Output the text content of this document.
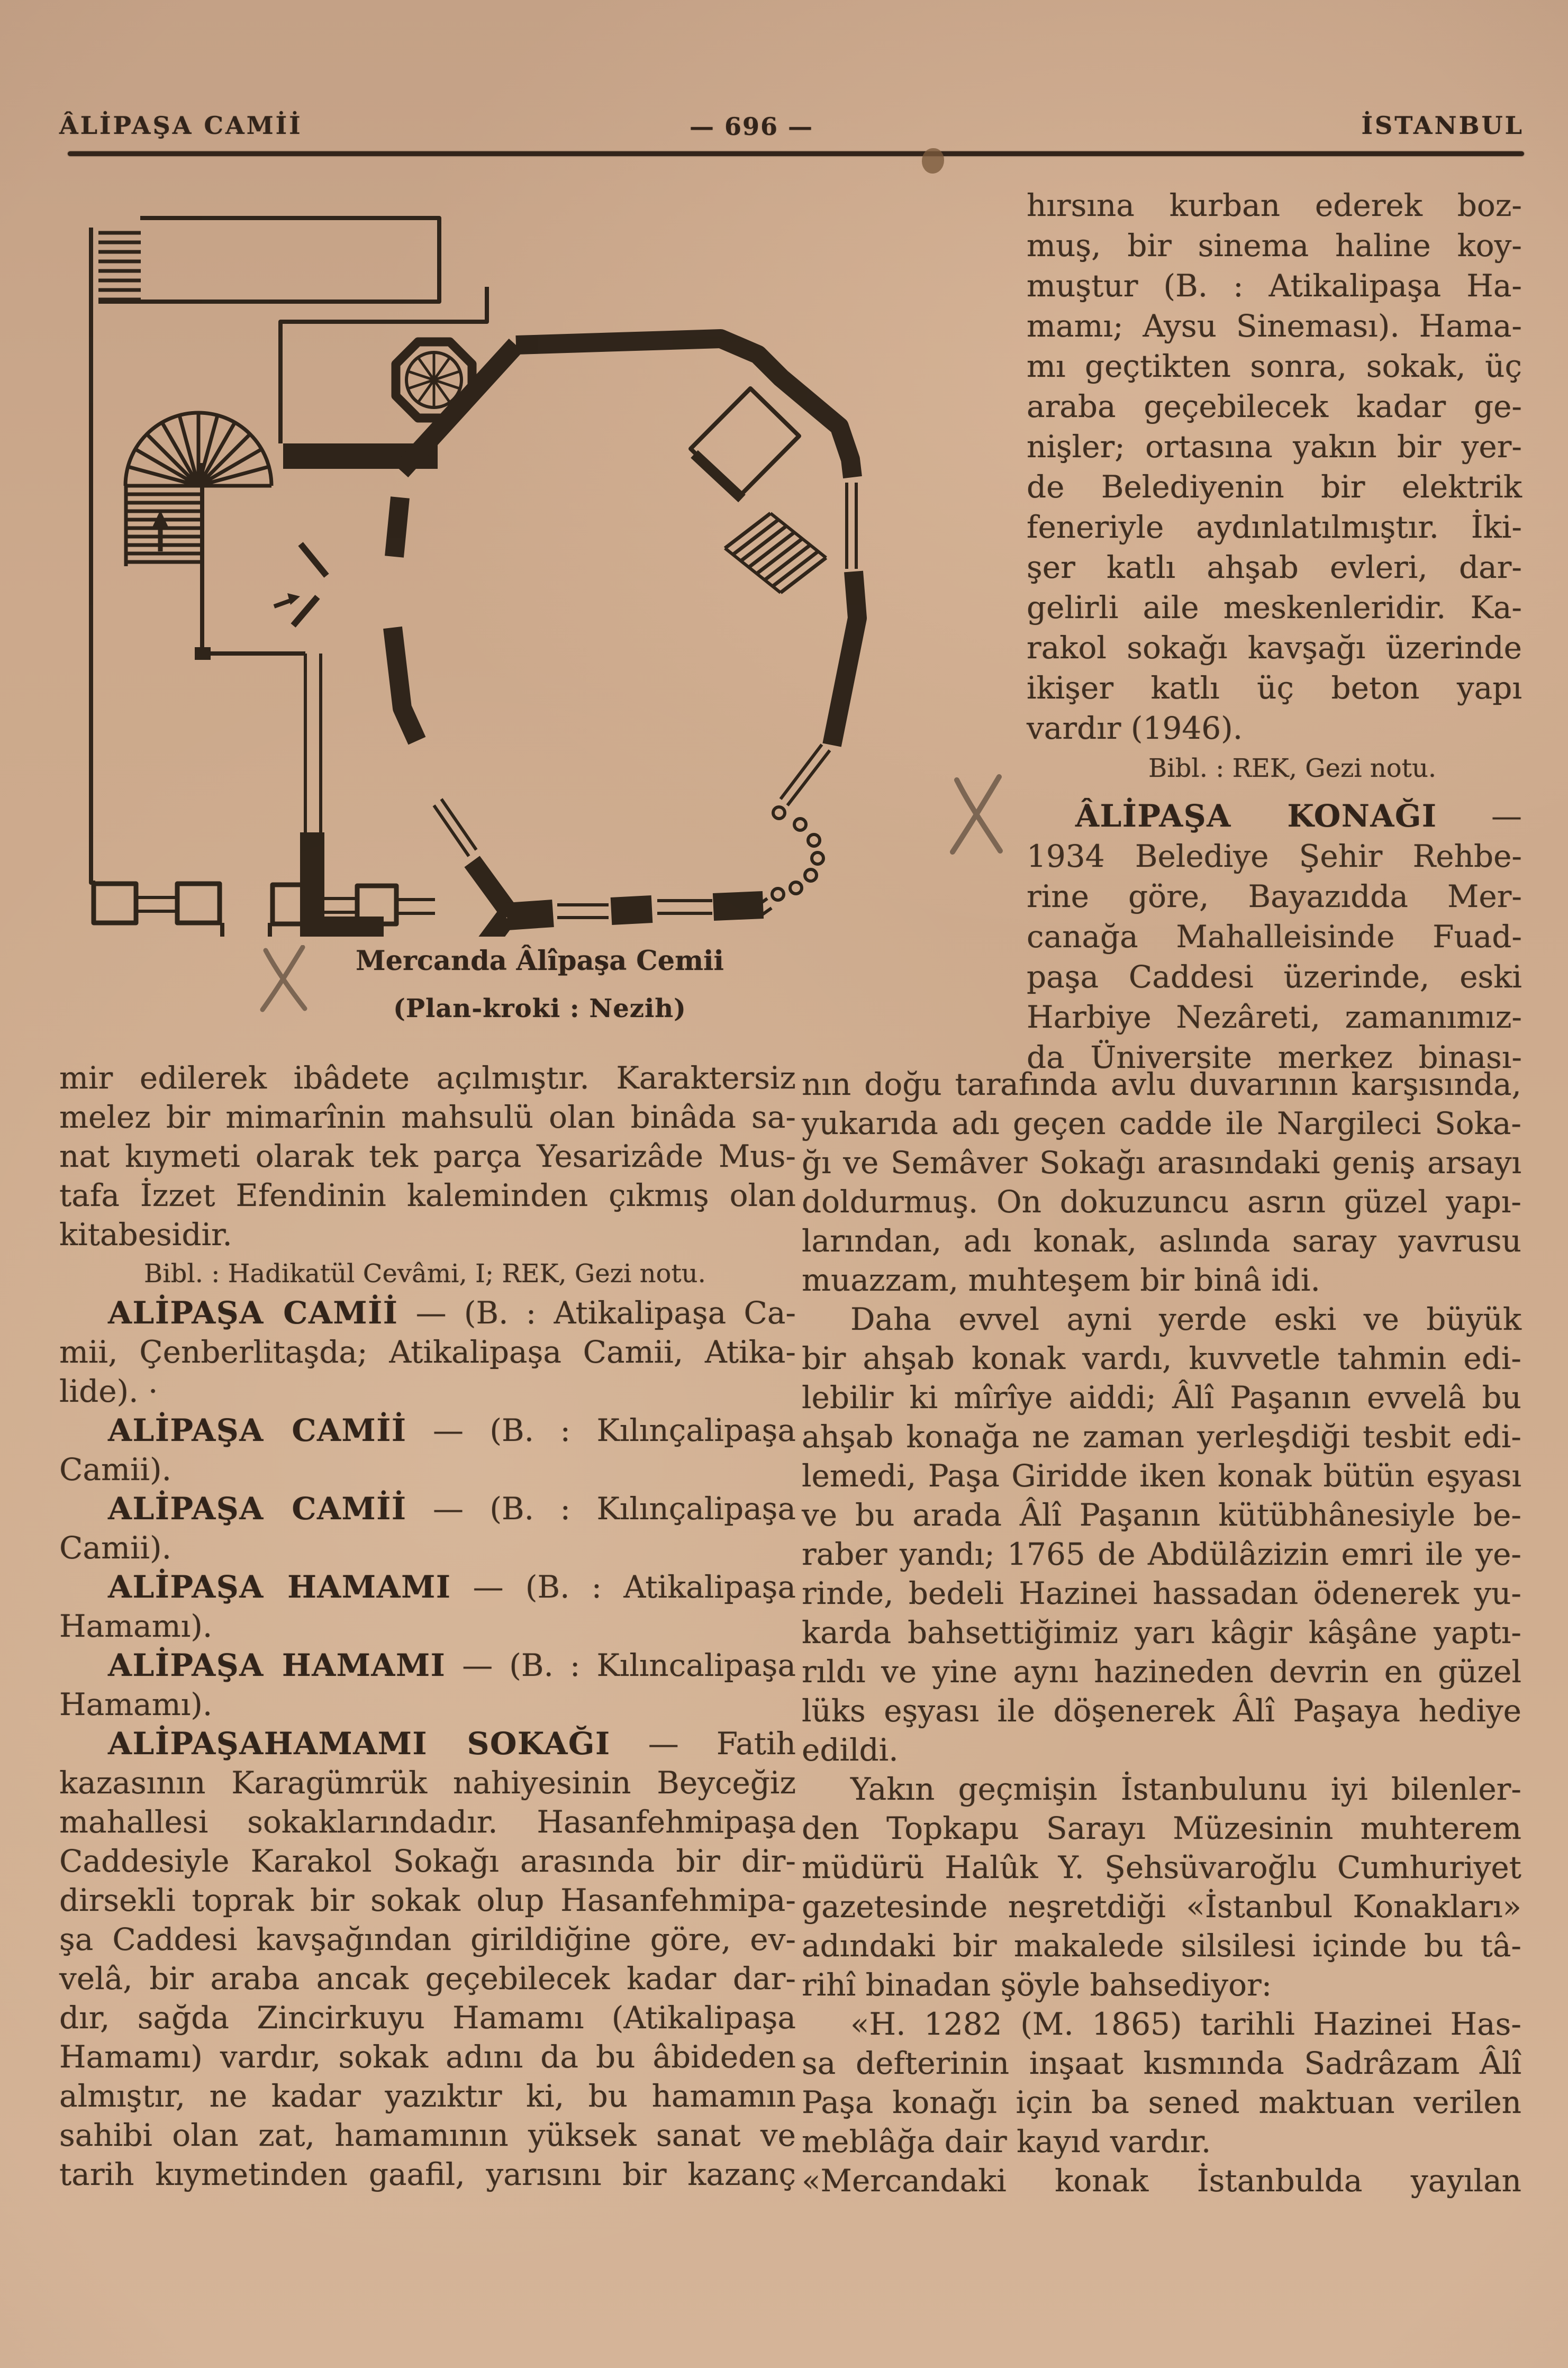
ÂLİPAŞA CAMİİ	— 696 —	İSTANBUL
Mercanda Âlîpaşa Cemii
(Plan-kroki : Nezih)
mir edilerek ibâdete açılmıştır. Karaktersiz
melez bir mimarînin mahsulü olan binâda sa-
nat kıymeti olarak tek parça Yesarizâde Mus-
tafa İzzet Efendinin kaleminden çıkmış olan
kitabesidir.
Bibl. : Hadikatül Cevâmi, I; REK, Gezi notu.
ALİPAŞA CAMİİ — (B. : Atikalipaşa Ca-
mii, Çenberlitaşda; Atikalipaşa Camii, Atika-
lide). ·
ALİPAŞA CAMİİ — (B. : Kılınçalipaşa
Camii).
ALİPAŞA CAMİİ — (B. : Kılınçalipaşa
Camii).
ALİPAŞA HAMAMI — (B. : Atikalipaşa
Hamamı).
ALİPAŞA HAMAMI — (B. : Kılıncalipaşa
Hamamı).
ALİPAŞAHAMAMI SOKAĞI — Fatih
kazasının Karagümrük nahiyesinin Beyceğiz
mahallesi sokaklarındadır. Hasanfehmipaşa
Caddesiyle Karakol Sokağı arasında bir dir-
dirsekli toprak bir sokak olup Hasanfehmipa-
şa Caddesi kavşağından girildiğine göre, ev-
velâ, bir araba ancak geçebilecek kadar dar-
dır, sağda Zincirkuyu Hamamı (Atikalipaşa
Hamamı) vardır, sokak adını da bu âbideden
almıştır, ne kadar yazıktır ki, bu hamamın
sahibi olan zat, hamamının yüksek sanat ve
tarih kıymetinden gaafil, yarısını bir kazanç
hırsına kurban ederek boz-
muş, bir sinema haline koy-
muştur (B. : Atikalipaşa Ha-
mamı; Aysu Sineması). Hama-
mı geçtikten sonra, sokak, üç
araba geçebilecek kadar ge-
nişler; ortasına yakın bir yer-
de Belediyenin bir elektrik
feneriyle aydınlatılmıştır. İki-
şer katlı ahşab evleri, dar-
gelirli aile meskenleridir. Ka-
rakol sokağı kavşağı üzerinde
ikişer katlı üç beton yapı
vardır (1946).
Bibl. : REK, Gezi notu.
ÂLİPAŞA KONAĞI —
1934 Belediye Şehir Rehbe-
rine göre, Bayazıdda Mer-
canağa Mahalleisinde Fuad-
paşa Caddesi üzerinde, eski
Harbiye Nezâreti, zamanımız-
da Üniversite merkez binası-
nın doğu tarafında avlu duvarının karşısında,
yukarıda adı geçen cadde ile Nargileci Soka-
ğı ve Semâver Sokağı arasındaki geniş arsayı
doldurmuş. On dokuzuncu asrın güzel yapı-
larından, adı konak, aslında saray yavrusu
muazzam, muhteşem bir binâ idi.
Daha evvel ayni yerde eski ve büyük
bir ahşab konak vardı, kuvvetle tahmin edi-
lebilir ki mîrîye aiddi; Âlî Paşanın evvelâ bu
ahşab konağa ne zaman yerleşdiği tesbit edi-
lemedi, Paşa Giridde iken konak bütün eşyası
ve bu arada Âlî Paşanın kütübhânesiyle be-
raber yandı; 1765 de Abdülâzizin emri ile ye-
rinde, bedeli Hazinei hassadan ödenerek yu-
karda bahsettiğimiz yarı kâgir kâşâne yaptı-
rıldı ve yine aynı hazineden devrin en güzel
lüks eşyası ile döşenerek Âlî Paşaya hediye
edildi.
Yakın geçmişin İstanbulunu iyi bilenler-
den Topkapu Sarayı Müzesinin muhterem
müdürü Halûk Y. Şehsüvaroğlu Cumhuriyet
gazetesinde neşretdiği «İstanbul Konakları»
adındaki bir makalede silsilesi içinde bu tâ-
rihî binadan şöyle bahsediyor:
«H. 1282 (M. 1865) tarihli Hazinei Has-
sa defterinin inşaat kısmında Sadrâzam Âlî
Paşa konağı için ba sened maktuan verilen
meblâğa dair kayıd vardır.
«Mercandaki konak İstanbulda yayılan
